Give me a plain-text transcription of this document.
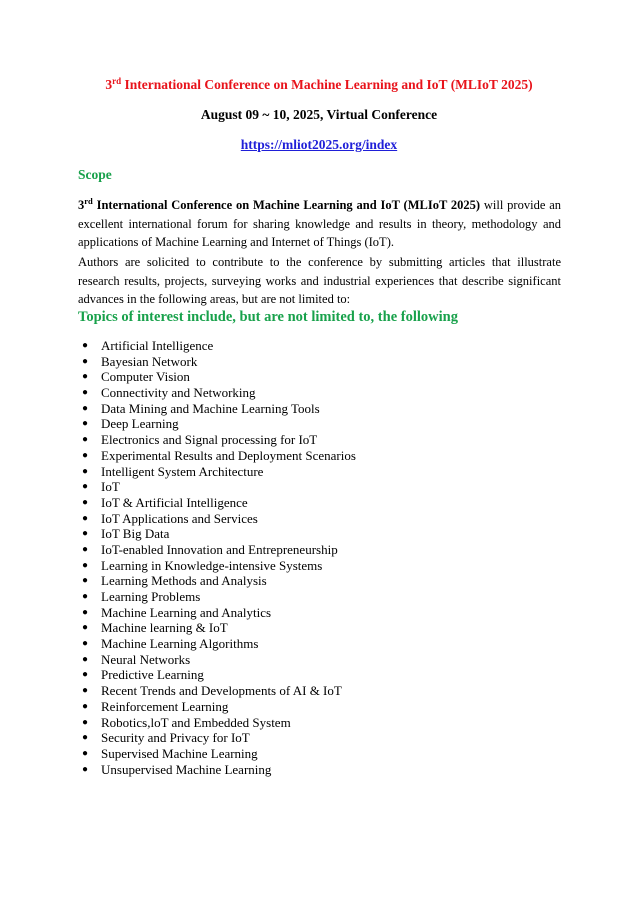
3rd International Conference on Machine Learning and IoT (MLIoT 2025)
August 09 ~ 10, 2025, Virtual Conference
https://mliot2025.org/index
Scope
3rd International Conference on Machine Learning and IoT (MLIoT 2025) will provide an excellent international forum for sharing knowledge and results in theory, methodology and applications of Machine Learning and Internet of Things (IoT).
Authors are solicited to contribute to the conference by submitting articles that illustrate research results, projects, surveying works and industrial experiences that describe significant advances in the following areas, but are not limited to:
Topics of interest include, but are not limited to, the following
● Artificial Intelligence
● Bayesian Network
● Computer Vision
● Connectivity and Networking
● Data Mining and Machine Learning Tools
● Deep Learning
● Electronics and Signal processing for IoT
● Experimental Results and Deployment Scenarios
● Intelligent System Architecture
● IoT
● IoT & Artificial Intelligence
● IoT Applications and Services
● IoT Big Data
● IoT-enabled Innovation and Entrepreneurship
● Learning in Knowledge-intensive Systems
● Learning Methods and Analysis
● Learning Problems
● Machine Learning and Analytics
● Machine learning & IoT
● Machine Learning Algorithms
● Neural Networks
● Predictive Learning
● Recent Trends and Developments of AI & IoT
● Reinforcement Learning
● Robotics,loT and Embedded System
● Security and Privacy for IoT
● Supervised Machine Learning
● Unsupervised Machine Learning
